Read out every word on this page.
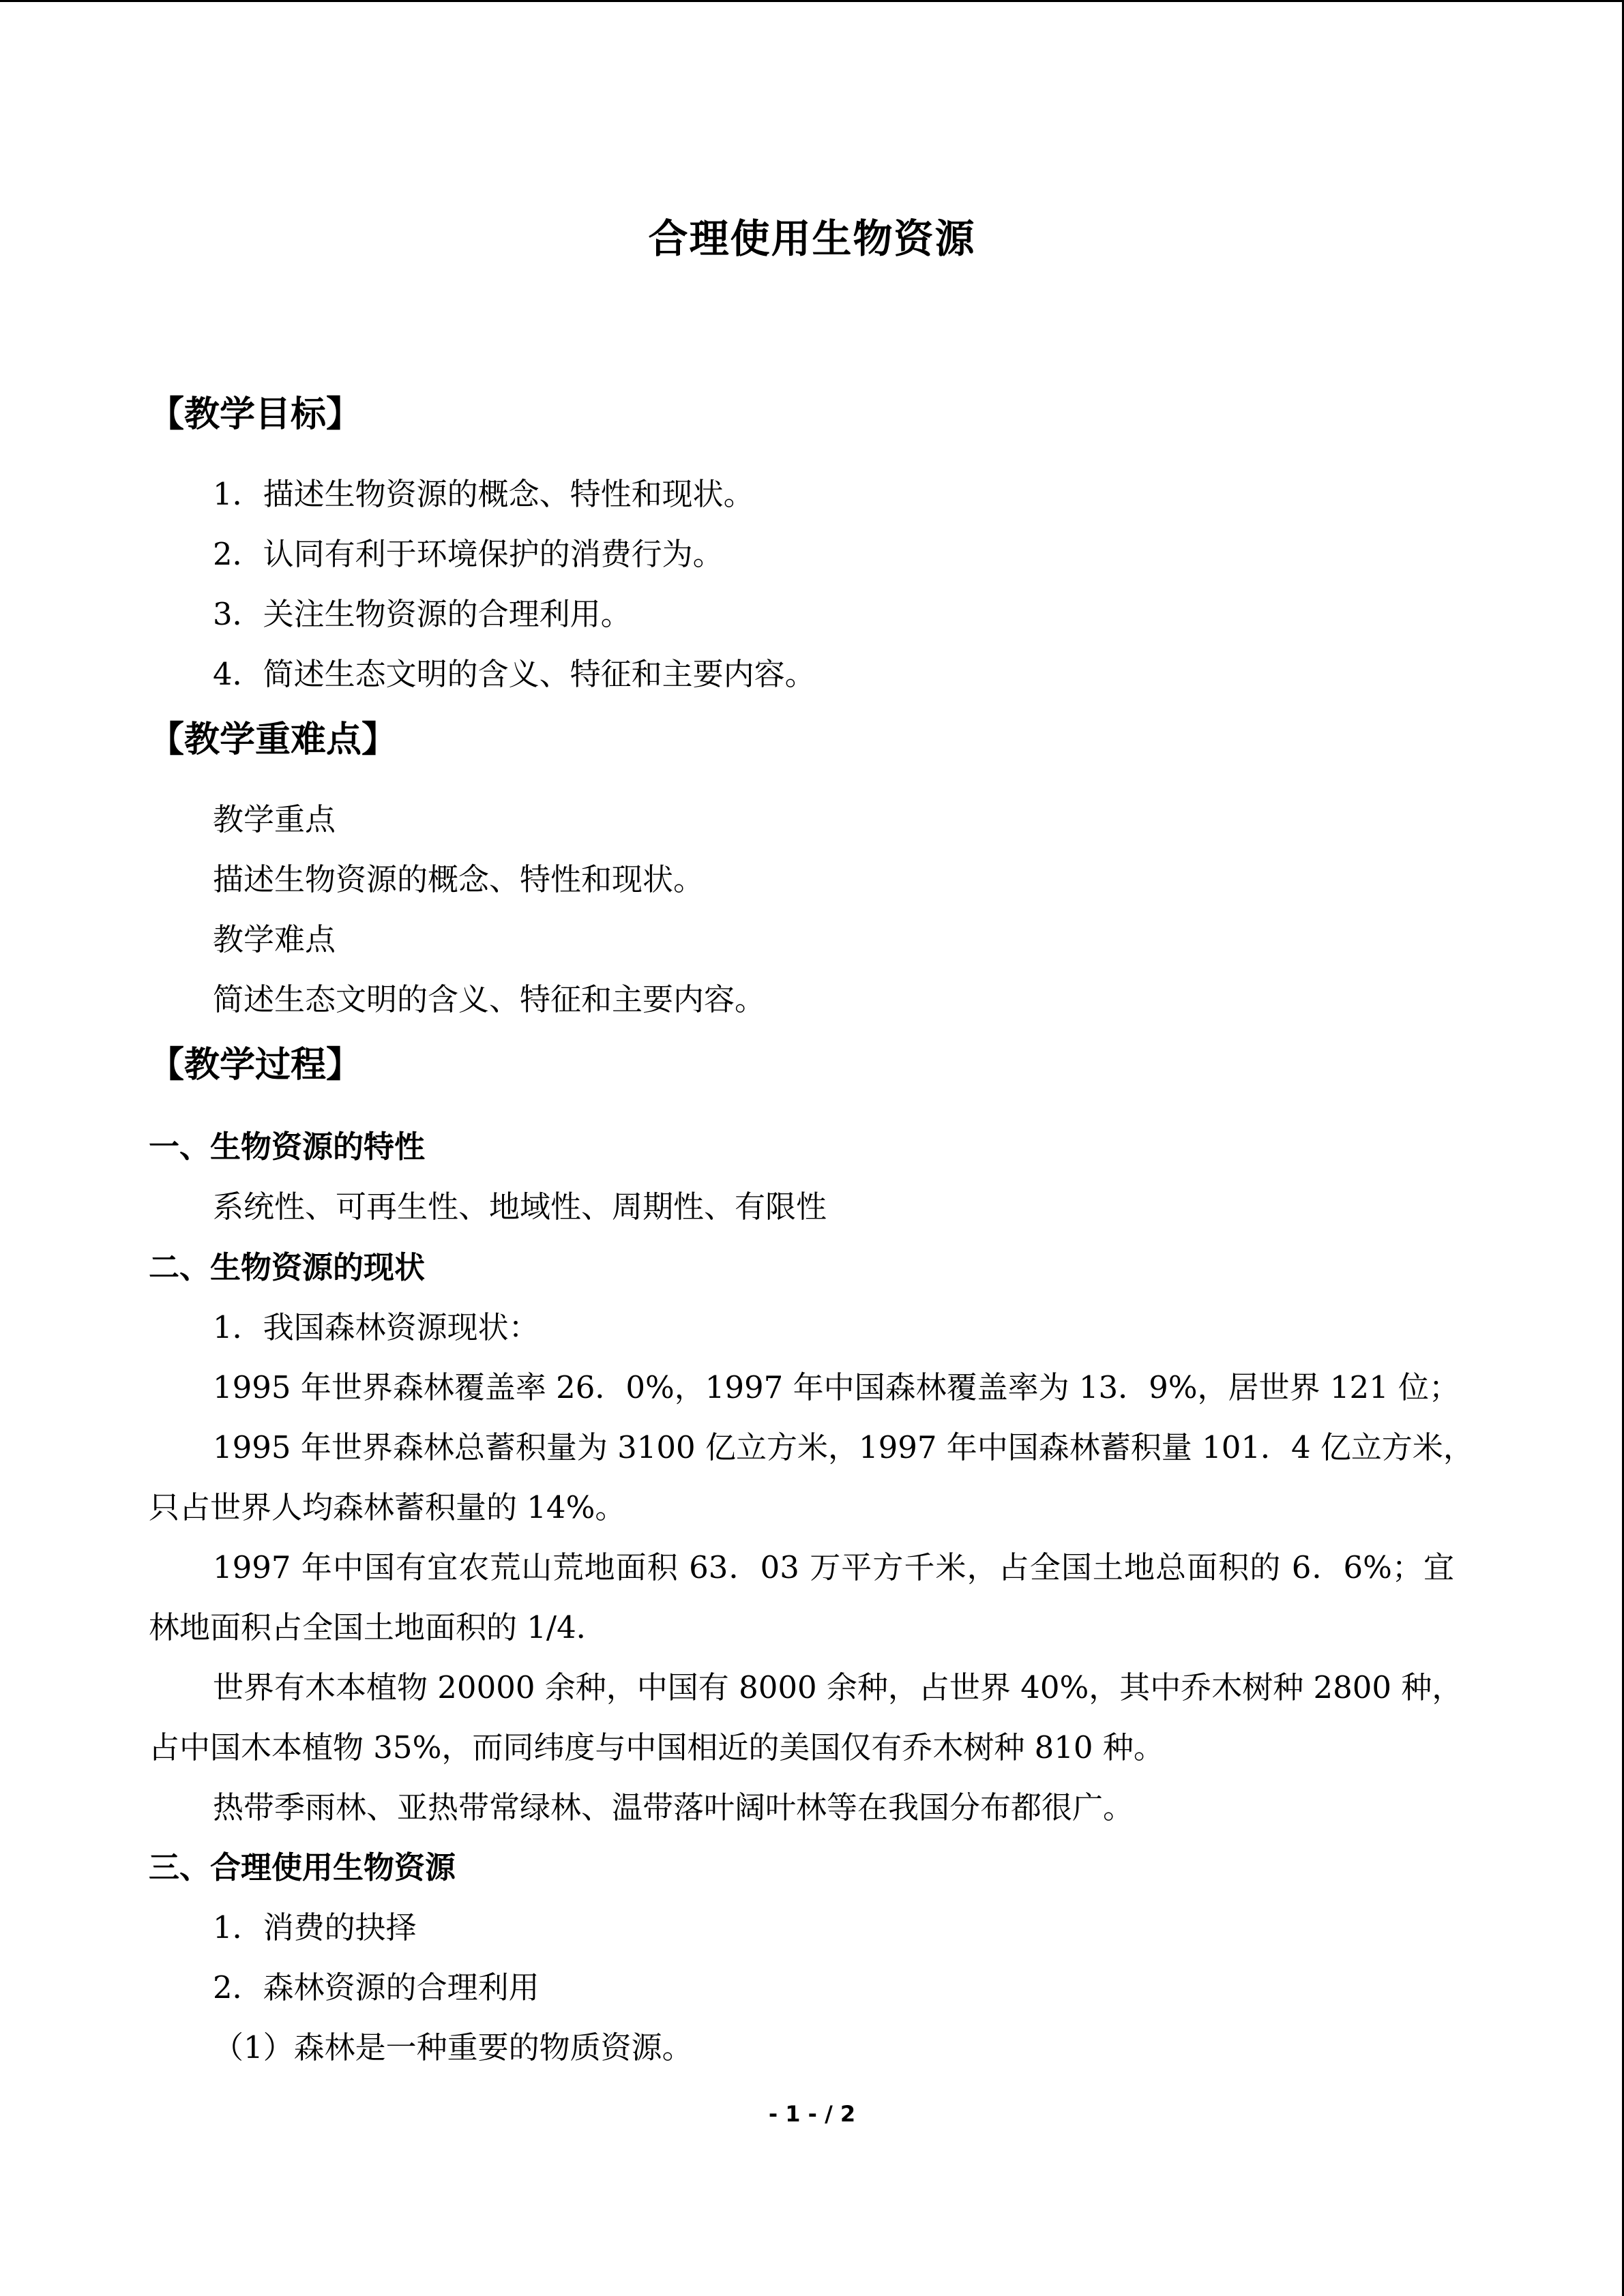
合理使用生物资源
【教学目标】
1．描述生物资源的概念、特性和现状。
2．认同有利于环境保护的消费行为。
3．关注生物资源的合理利用。
4．简述生态文明的含义、特征和主要内容。
【教学重难点】
教学重点
描述生物资源的概念、特性和现状。
教学难点
简述生态文明的含义、特征和主要内容。
【教学过程】
一、生物资源的特性
系统性、可再生性、地域性、周期性、有限性
二、生物资源的现状
1．我国森林资源现状：
1995 年世界森林覆盖率 26．0%，1997 年中国森林覆盖率为 13．9%，居世界 121 位；
1995 年世界森林总蓄积量为 3100 亿立方米，1997 年中国森林蓄积量 101．4 亿立方米，
只占世界人均森林蓄积量的 14%。
1997 年中国有宜农荒山荒地面积 63．03 万平方千米，占全国土地总面积的 6．6%；宜
林地面积占全国土地面积的 1/4．
世界有木本植物 20000 余种，中国有 8000 余种，占世界 40%，其中乔木树种 2800 种，
占中国木本植物 35%，而同纬度与中国相近的美国仅有乔木树种 810 种。
热带季雨林、亚热带常绿林、温带落叶阔叶林等在我国分布都很广。
三、合理使用生物资源
1．消费的抉择
2．森林资源的合理利用
（1）森林是一种重要的物质资源。
- 1 - / 2
